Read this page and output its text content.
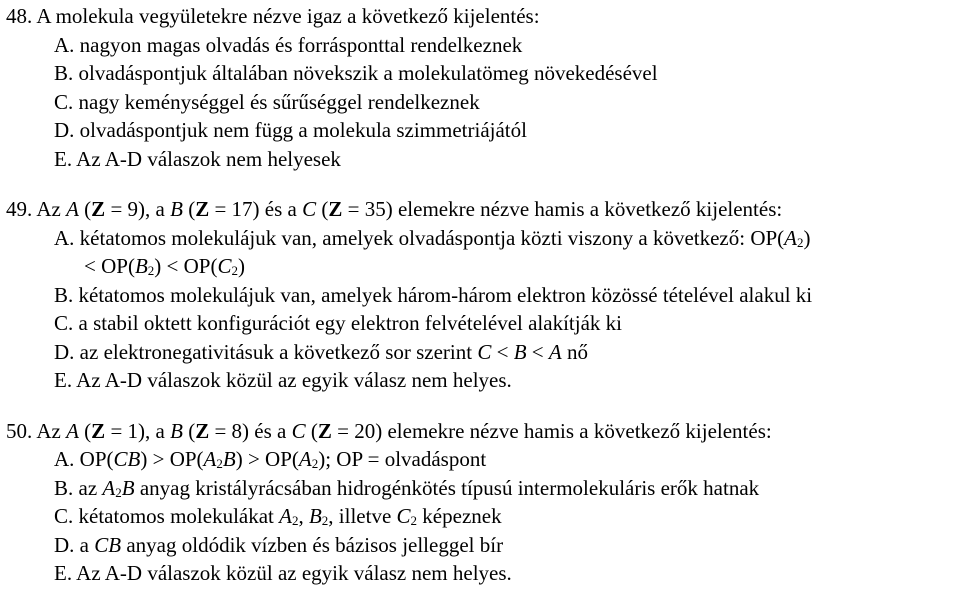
48. A molekula vegyületekre nézve igaz a következő kijelentés:
A. nagyon magas olvadás és forrásponttal rendelkeznek
B. olvadáspontjuk általában növekszik a molekulatömeg növekedésével
C. nagy keménységgel és sűrűséggel rendelkeznek
D. olvadáspontjuk nem függ a molekula szimmetriájától
E. Az A-D válaszok nem helyesek
49. Az A (Z = 9), a B (Z = 17) és a C (Z = 35) elemekre nézve hamis a következő kijelentés:
A. kétatomos molekulájuk van, amelyek olvadáspontja közti viszony a következő: $OP(A_2)$
< $OP(B_2) < OP(C_2)$
B. kétatomos molekulájuk van, amelyek három-három elektron közössé tételével alakul ki
C. a stabil oktett konfigurációt egy elektron felvételével alakítják ki
D. az elektronegativitásuk a következő sor szerint C < B < A nő
E. Az A-D válaszok közül az egyik válasz nem helyes.
50. Az A (Z = 1), a B (Z = 8) és a C (Z = 20) elemekre nézve hamis a következő kijelentés:
A. $OP(CB) > OP(A_2B) > OP(A_2)$; OP = olvadáspont
B. az $A_2B$ anyag kristályrácsában hidrogénkötés típusú intermolekuláris erők hatnak
C. kétatomos molekulákat $A_2$, $B_2$, illetve $C_2$ képeznek
D. a CB anyag oldódik vízben és bázisos jelleggel bír
E. Az A-D válaszok közül az egyik válasz nem helyes.
